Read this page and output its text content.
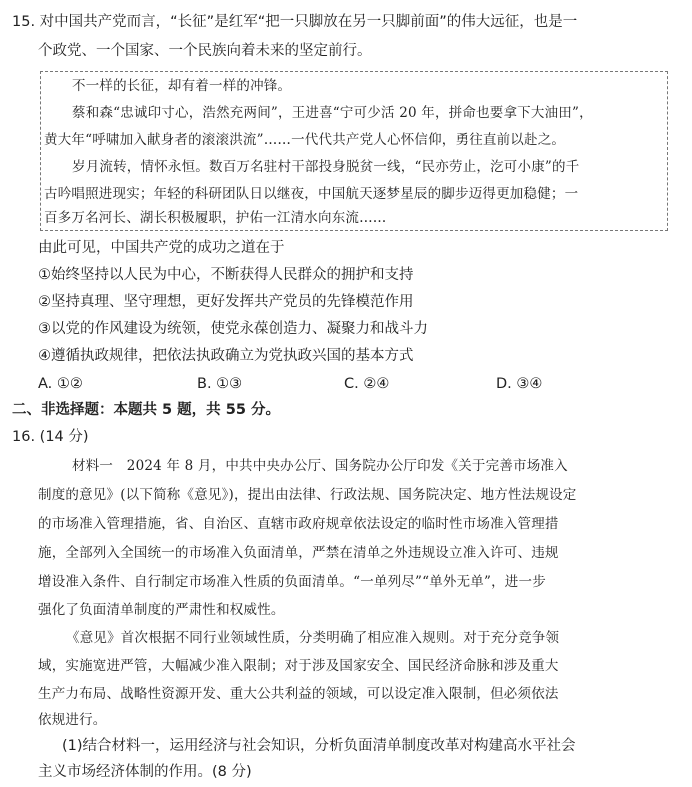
15. 对中国共产党而言，“长征”是红军“把一只脚放在另一只脚前面”的伟大远征，也是一
个政党、一个国家、一个民族向着未来的坚定前行。
不一样的长征，却有着一样的冲锋。
蔡和森“忠诚印寸心，浩然充两间”，王进喜“宁可少活 20 年，拼命也要拿下大油田”，
黄大年“呼啸加入献身者的滚滚洪流”……一代代共产党人心怀信仰，勇往直前以赴之。
岁月流转，情怀永恒。数百万名驻村干部投身脱贫一线，“民亦劳止，汔可小康”的千
古吟唱照进现实；年轻的科研团队日以继夜，中国航天逐梦星辰的脚步迈得更加稳健；一
百多万名河长、湖长积极履职，护佑一江清水向东流……
由此可见，中国共产党的成功之道在于
①始终坚持以人民为中心，不断获得人民群众的拥护和支持
②坚持真理、坚守理想，更好发挥共产党员的先锋模范作用
③以党的作风建设为统领，使党永葆创造力、凝聚力和战斗力
④遵循执政规律，把依法执政确立为党执政兴国的基本方式
A. ①②	B. ①③	C. ②④	D. ③④
二、非选择题：本题共 5 题，共 55 分。
16. (14 分)
材料一　2024 年 8 月，中共中央办公厅、国务院办公厅印发《关于完善市场准入
制度的意见》(以下简称《意见》)，提出由法律、行政法规、国务院决定、地方性法规设定
的市场准入管理措施，省、自治区、直辖市政府规章依法设定的临时性市场准入管理措
施，全部列入全国统一的市场准入负面清单，严禁在清单之外违规设立准入许可、违规
增设准入条件、自行制定市场准入性质的负面清单。“一单列尽”“单外无单”，进一步
强化了负面清单制度的严肃性和权威性。
《意见》首次根据不同行业领域性质，分类明确了相应准入规则。对于充分竞争领
域，实施宽进严管，大幅减少准入限制；对于涉及国家安全、国民经济命脉和涉及重大
生产力布局、战略性资源开发、重大公共利益的领域，可以设定准入限制，但必须依法
依规进行。
(1)结合材料一，运用经济与社会知识，分析负面清单制度改革对构建高水平社会
主义市场经济体制的作用。(8 分)
